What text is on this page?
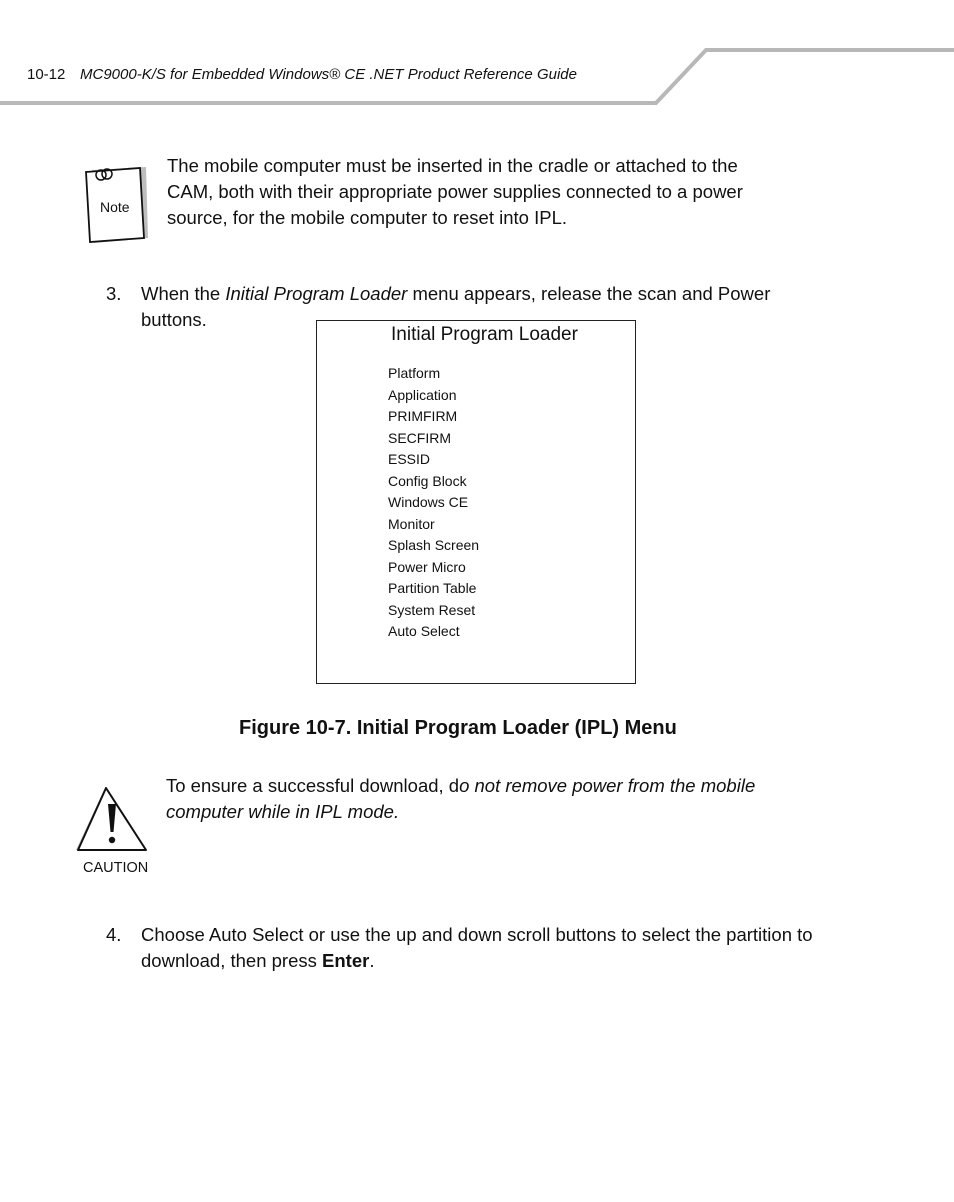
10-12 MC9000-K/S for Embedded Windows® CE .NET Product Reference Guide
Note
The mobile computer must be inserted in the cradle or attached to the CAM, both with their appropriate power supplies connected to a power source, for the mobile computer to reset into IPL.
3. When the Initial Program Loader menu appears, release the scan and Power buttons.
Initial Program Loader
Platform
Application
PRIMFIRM
SECFIRM
ESSID
Config Block
Windows CE
Monitor
Splash Screen
Power Micro
Partition Table
System Reset
Auto Select
Figure 10-7. Initial Program Loader (IPL) Menu
CAUTION
To ensure a successful download, do not remove power from the mobile computer while in IPL mode.
4. Choose Auto Select or use the up and down scroll buttons to select the partition to download, then press Enter.
